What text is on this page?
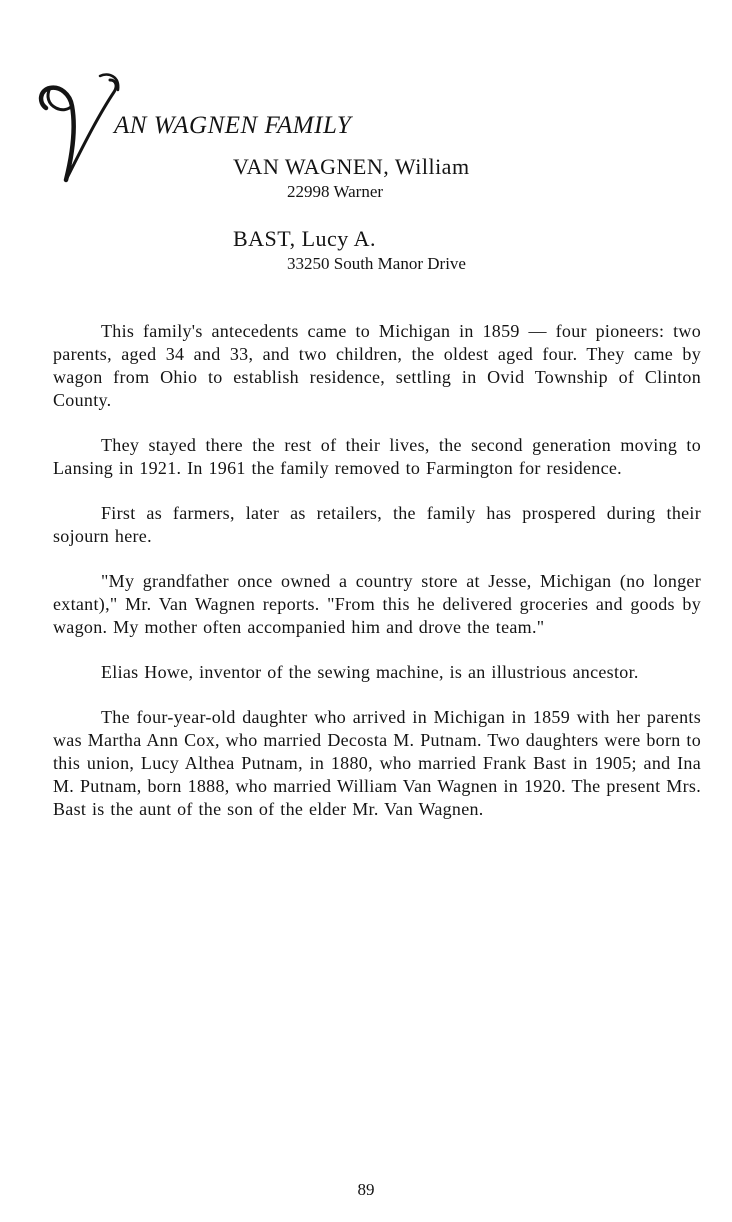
AN WAGNEN FAMILY
VAN WAGNEN, William
22998 Warner
BAST, Lucy A.
33250 South Manor Drive

This family's antecedents came to Michigan in 1859 — four pioneers: two parents, aged 34 and 33, and two children, the oldest aged four. They came by wagon from Ohio to establish residence, settling in Ovid Township of Clinton County.

They stayed there the rest of their lives, the second generation moving to Lansing in 1921. In 1961 the family removed to Farmington for residence.

First as farmers, later as retailers, the family has prospered during their sojourn here.

"My grandfather once owned a country store at Jesse, Michigan (no longer extant)," Mr. Van Wagnen reports. "From this he delivered groceries and goods by wagon. My mother often accompanied him and drove the team."

Elias Howe, inventor of the sewing machine, is an illustrious ancestor.

The four-year-old daughter who arrived in Michigan in 1859 with her parents was Martha Ann Cox, who married Decosta M. Putnam. Two daughters were born to this union, Lucy Althea Putnam, in 1880, who married Frank Bast in 1905; and Ina M. Putnam, born 1888, who married William Van Wagnen in 1920. The present Mrs. Bast is the aunt of the son of the elder Mr. Van Wagnen.

89
